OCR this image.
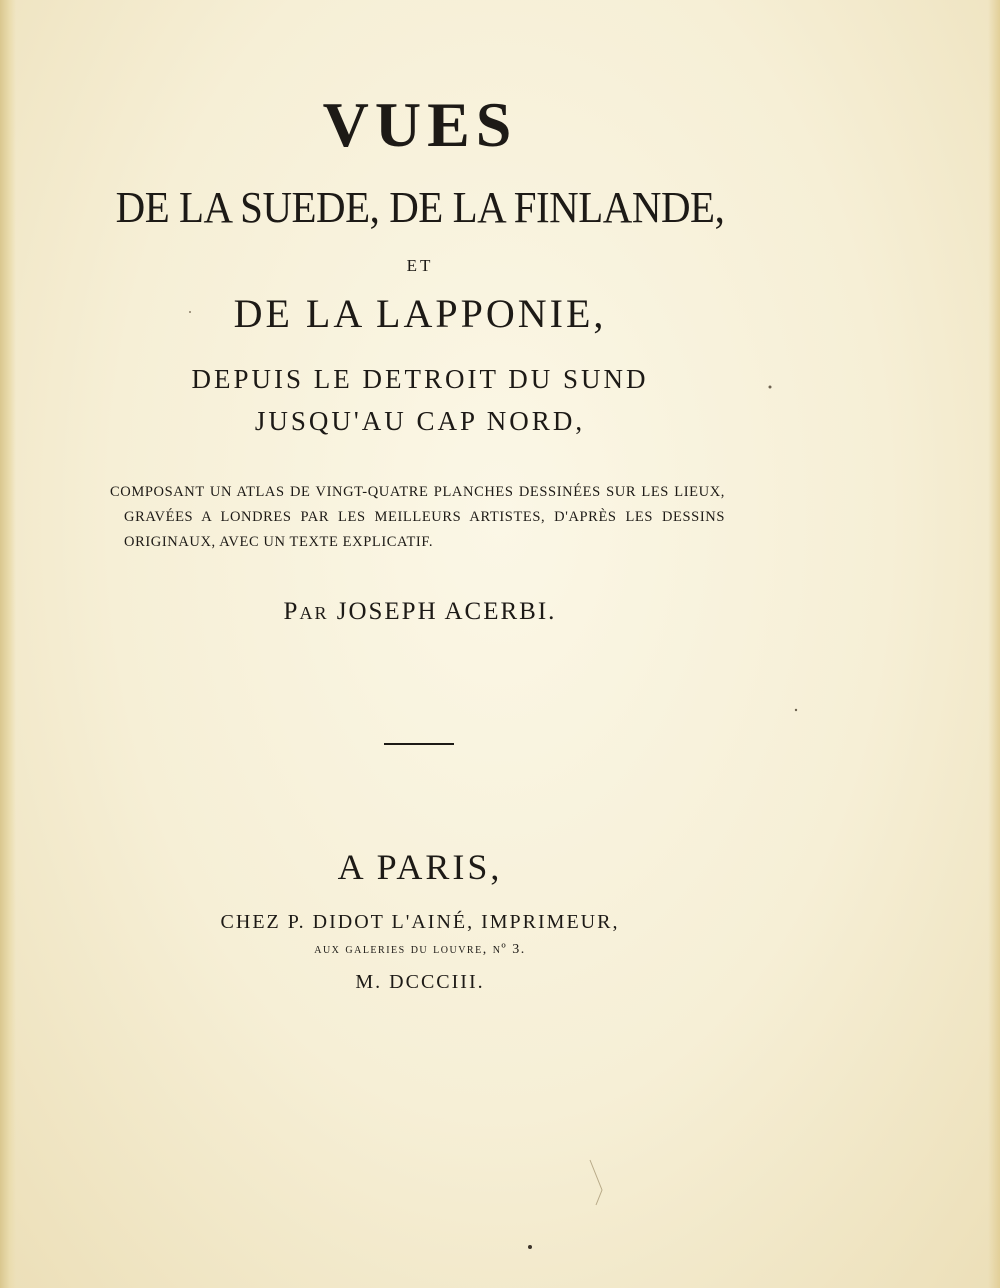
VUES
DE LA SUEDE, DE LA FINLANDE,
ET
DE LA LAPPONIE,
DEPUIS LE DETROIT DU SUND
JUSQU'AU CAP NORD,
COMPOSANT UN ATLAS DE VINGT-QUATRE PLANCHES DESSINÉES SUR LES LIEUX,
GRAVÉES A LONDRES PAR LES MEILLEURS ARTISTES, D'APRÈS LES DESSINS
ORIGINAUX, AVEC UN TEXTE EXPLICATIF.
Par JOSEPH ACERBI.
A PARIS,
CHEZ P. DIDOT L'AINÉ, IMPRIMEUR,
aux galeries du louvre, nº 3.
M. DCCCIII.
